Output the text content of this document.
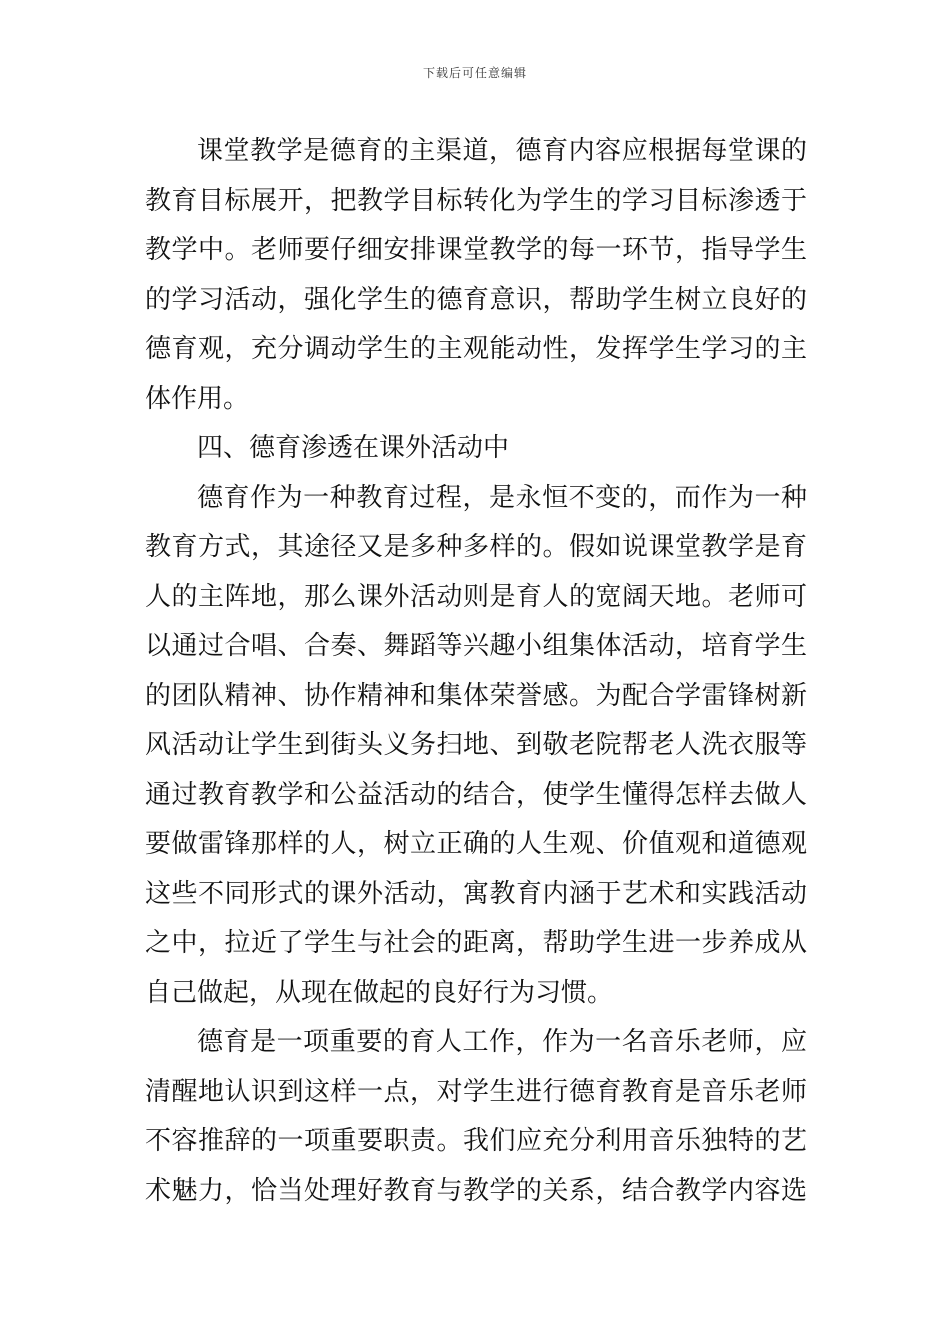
下载后可任意编辑
课堂教学是德育的主渠道，德育内容应根据每堂课的
教育目标展开，把教学目标转化为学生的学习目标渗透于
教学中。老师要仔细安排课堂教学的每一环节，指导学生
的学习活动，强化学生的德育意识，帮助学生树立良好的
德育观，充分调动学生的主观能动性，发挥学生学习的主
体作用。
四、德育渗透在课外活动中
德育作为一种教育过程，是永恒不变的，而作为一种
教育方式，其途径又是多种多样的。假如说课堂教学是育
人的主阵地，那么课外活动则是育人的宽阔天地。老师可
以通过合唱、合奏、舞蹈等兴趣小组集体活动，培育学生
的团队精神、协作精神和集体荣誉感。为配合学雷锋树新
风活动让学生到街头义务扫地、到敬老院帮老人洗衣服等
通过教育教学和公益活动的结合，使学生懂得怎样去做人
要做雷锋那样的人，树立正确的人生观、价值观和道德观
这些不同形式的课外活动，寓教育内涵于艺术和实践活动
之中，拉近了学生与社会的距离，帮助学生进一步养成从
自己做起，从现在做起的良好行为习惯。
德育是一项重要的育人工作，作为一名音乐老师，应
清醒地认识到这样一点，对学生进行德育教育是音乐老师
不容推辞的一项重要职责。我们应充分利用音乐独特的艺
术魅力，恰当处理好教育与教学的关系，结合教学内容选
